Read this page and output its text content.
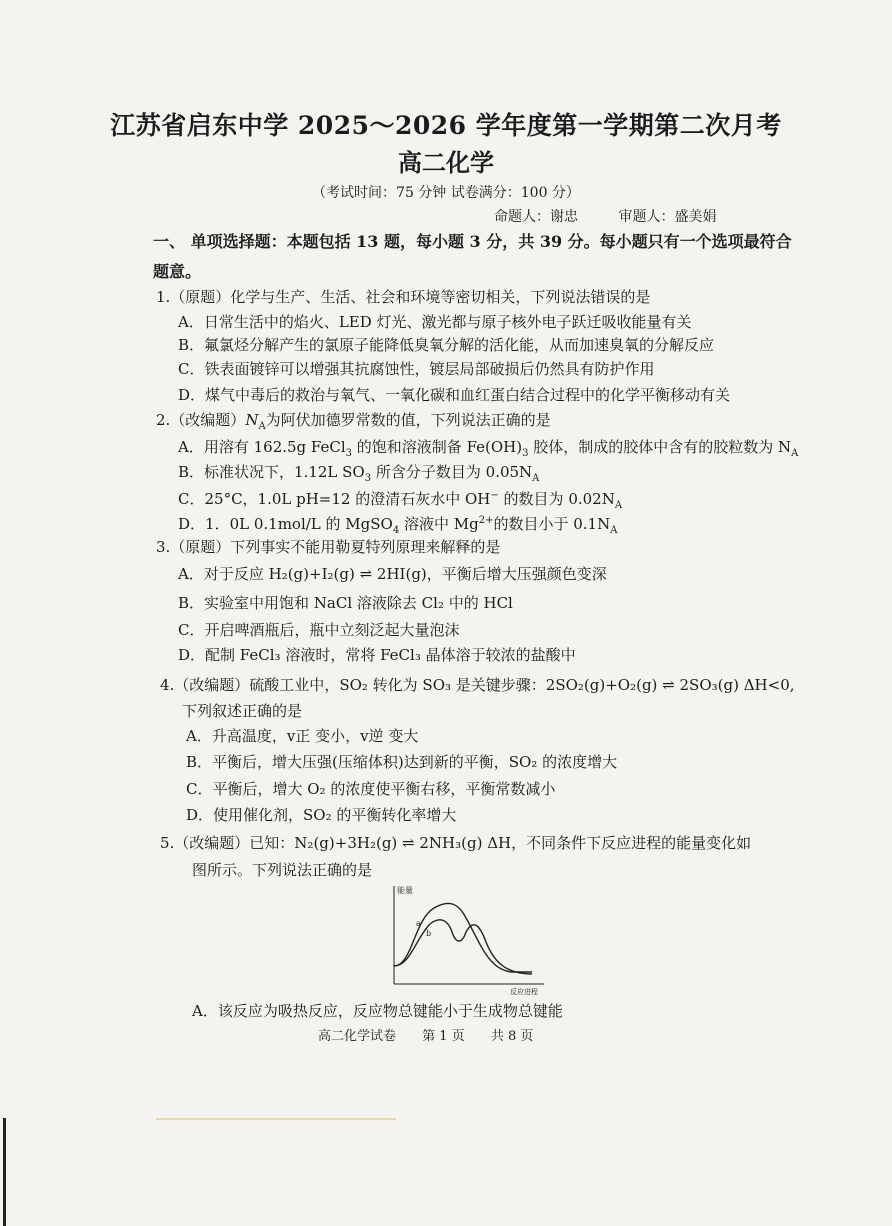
江苏省启东中学 2025～2026 学年度第一学期第二次月考
高二化学
（考试时间：75 分钟 试卷满分：100 分）
命题人：谢忠	审题人：盛美娟
一、 单项选择题：本题包括 13 题，每小题 3 分，共 39 分。每小题只有一个选项最符合
题意。
1.（原题）化学与生产、生活、社会和环境等密切相关，下列说法错误的是
A．日常生活中的焰火、LED 灯光、激光都与原子核外电子跃迁吸收能量有关
B．氟氯烃分解产生的氯原子能降低臭氧分解的活化能，从而加速臭氧的分解反应
C．铁表面镀锌可以增强其抗腐蚀性，镀层局部破损后仍然具有防护作用
D．煤气中毒后的救治与氧气、一氧化碳和血红蛋白结合过程中的化学平衡移动有关
2.（改编题）$N_A$为阿伏加德罗常数的值，下列说法正确的是
A．用溶有 162.5g FeCl$_3$ 的饱和溶液制备 $Fe(OH)_3$ 胶体，制成的胶体中含有的胶粒数为 $N_A$
B．标准状况下，1.12L $SO_3$ 所含分子数目为 $0.05N_A$
C．25°C，1.0L pH=12 的澄清石灰水中 OH− 的数目为 $0.02N_A$
D．1．0L 0.1mol/L 的 MgSO$_4$ 溶液中 $Mg^{2+}$的数目小于 $0.1N_A$
3.（原题）下列事实不能用勒夏特列原理来解释的是
A．对于反应 H₂(g)+I₂(g) ⇌ 2HI(g)，平衡后增大压强颜色变深
B．实验室中用饱和 NaCl 溶液除去 Cl₂ 中的 HCl
C．开启啤酒瓶后，瓶中立刻泛起大量泡沫
D．配制 FeCl₃ 溶液时，常将 FeCl₃ 晶体溶于较浓的盐酸中
4.（改编题）硫酸工业中，SO₂ 转化为 SO₃ 是关键步骤：2SO₂(g)+O₂(g) ⇌ 2SO₃(g) ΔH<0,
下列叙述正确的是
A．升高温度，v正 变小，v逆 变大
B．平衡后，增大压强(压缩体积)达到新的平衡，SO₂ 的浓度增大
C．平衡后，增大 O₂ 的浓度使平衡右移，平衡常数减小
D．使用催化剂，SO₂ 的平衡转化率增大
5.（改编题）已知：N₂(g)+3H₂(g) ⇌ 2NH₃(g) ΔH，不同条件下反应进程的能量变化如
图所示。下列说法正确的是
能量
反应进程
a
b
A．该反应为吸热反应，反应物总键能小于生成物总键能
高二化学试卷 第 1 页 共 8 页
